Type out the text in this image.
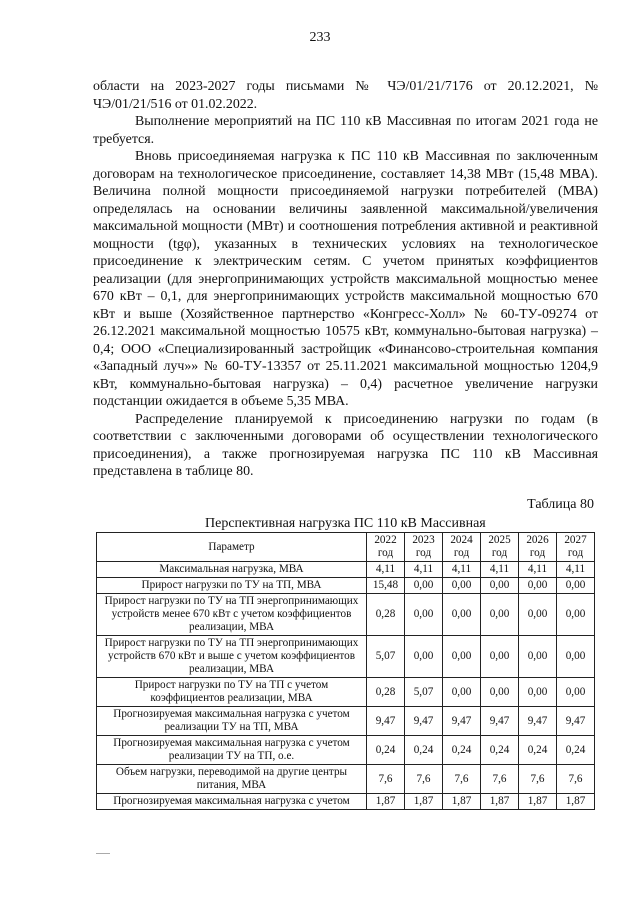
233

области на 2023-2027 годы письмами № ЧЭ/01/21/7176 от 20.12.2021, № ЧЭ/01/21/516 от 01.02.2022.

Выполнение мероприятий на ПС 110 кВ Массивная по итогам 2021 года не требуется.

Вновь присоединяемая нагрузка к ПС 110 кВ Массивная по заключенным договорам на технологическое присоединение, составляет 14,38 МВт (15,48 МВА). Величина полной мощности присоединяемой нагрузки потребителей (МВА) определялась на основании величины заявленной максимальной/увеличения максимальной мощности (МВт) и соотношения потребления активной и реактивной мощности (tgφ), указанных в технических условиях на технологическое присоединение к электрическим сетям. С учетом принятых коэффициентов реализации (для энергопринимающих устройств максимальной мощностью менее 670 кВт – 0,1, для энергопринимающих устройств максимальной мощностью 670 кВт и выше (Хозяйственное партнерство «Конгресс-Холл» № 60-ТУ-09274 от 26.12.2021 максимальной мощностью 10575 кВт, коммунально-бытовая нагрузка) – 0,4; ООО «Специализированный застройщик «Финансово-строительная компания «Западный луч»» № 60-ТУ-13357 от 25.11.2021 максимальной мощностью 1204,9 кВт, коммунально-бытовая нагрузка) – 0,4) расчетное увеличение нагрузки подстанции ожидается в объеме 5,35 МВА.

Распределение планируемой к присоединению нагрузки по годам (в соответствии с заключенными договорами об осуществлении технологического присоединения), а также прогнозируемая нагрузка ПС 110 кВ Массивная представлена в таблице 80.

Таблица 80
Перспективная нагрузка ПС 110 кВ Массивная
Параметр	2022 год	2023 год	2024 год	2025 год	2026 год	2027 год
Максимальная нагрузка, МВА	4,11	4,11	4,11	4,11	4,11	4,11
Прирост нагрузки по ТУ на ТП, МВА	15,48	0,00	0,00	0,00	0,00	0,00
Прирост нагрузки по ТУ на ТП энергопринимающих устройств менее 670 кВт с учетом коэффициентов реализации, МВА	0,28	0,00	0,00	0,00	0,00	0,00
Прирост нагрузки по ТУ на ТП энергопринимающих устройств 670 кВт и выше с учетом коэффициентов реализации, МВА	5,07	0,00	0,00	0,00	0,00	0,00
Прирост нагрузки по ТУ на ТП с учетом коэффициентов реализации, МВА	0,28	5,07	0,00	0,00	0,00	0,00
Прогнозируемая максимальная нагрузка с учетом реализации ТУ на ТП, МВА	9,47	9,47	9,47	9,47	9,47	9,47
Прогнозируемая максимальная нагрузка с учетом реализации ТУ на ТП, о.е.	0,24	0,24	0,24	0,24	0,24	0,24
Объем нагрузки, переводимой на другие центры питания, МВА	7,6	7,6	7,6	7,6	7,6	7,6
Прогнозируемая максимальная нагрузка с учетом	1,87	1,87	1,87	1,87	1,87	1,87
